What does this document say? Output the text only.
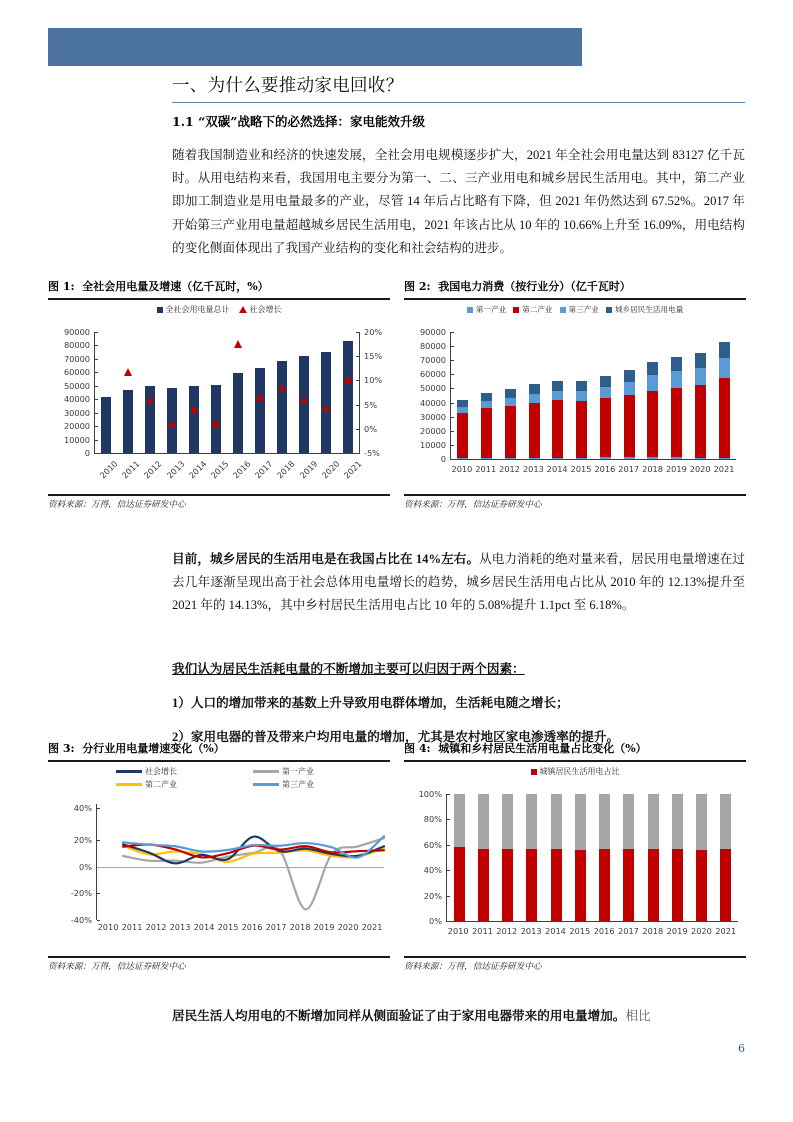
一、为什么要推动家电回收？
1.1 “双碳”战略下的必然选择：家电能效升级
随着我国制造业和经济的快速发展，全社会用电规模逐步扩大，2021 年全社会用电量达到 83127 亿千瓦时。从用电结构来看，我国用电主要分为第一、二、三产业用电和城乡居民生活用电。其中，第二产业即加工制造业是用电量最多的产业，尽管 14 年后占比略有下降，但 2021 年仍然达到 67.52%。2017 年开始第三产业用电量超越城乡居民生活用电，2021 年该占比从 10 年的 10.66%上升至 16.09%，用电结构的变化侧面体现出了我国产业结构的变化和社会结构的进步。
图 1: 全社会用电量及增速（亿千瓦时，%）
全社会用电量总计	社会增长
0
10000
20000
30000
40000
50000
60000
70000
80000
90000
-5%
0%
5%
10%
15%
20%
2010 2011 2012 2013 2014 2015 2016 2017 2018 2019 2020 2021
资料来源：万得，信达证券研发中心
图 2: 我国电力消费（按行业分）（亿千瓦时）
第一产业 第二产业 第三产业 城乡居民生活用电量
0
10000
20000
30000
40000
50000
60000
70000
80000
90000
2010 2011 2012 2013 2014 2015 2016 2017 2018 2019 2020 2021
资料来源：万得，信达证券研发中心
目前，城乡居民的生活用电是在我国占比在 14%左右。从电力消耗的绝对量来看，居民用电量增速在过去几年逐渐呈现出高于社会总体用电量增长的趋势，城乡居民生活用电占比从 2010 年的 12.13%提升至 2021 年的 14.13%，其中乡村居民生活用电占比 10 年的 5.08%提升 1.1pct 至 6.18%。
我们认为居民生活耗电量的不断增加主要可以归因于两个因素：
1）人口的增加带来的基数上升导致用电群体增加，生活耗电随之增长；
2）家用电器的普及带来户均用电量的增加，尤其是农村地区家电渗透率的提升。
图 3: 分行业用电量增速变化（%）
社会增长	第一产业
第二产业	第三产业
-40%
-20%
0%
20%
40%
2010 2011 2012 2013 2014 2015 2016 2017 2018 2019 2020 2021
资料来源：万得，信达证券研发中心
图 4: 城镇和乡村居民生活用电量占比变化（%）
城镇居民生活用电占比
0%
20%
40%
60%
80%
100%
2010 2011 2012 2013 2014 2015 2016 2017 2018 2019 2020 2021
资料来源：万得，信达证券研发中心
居民生活人均用电的不断增加同样从侧面验证了由于家用电器带来的用电量增加。相比
6
